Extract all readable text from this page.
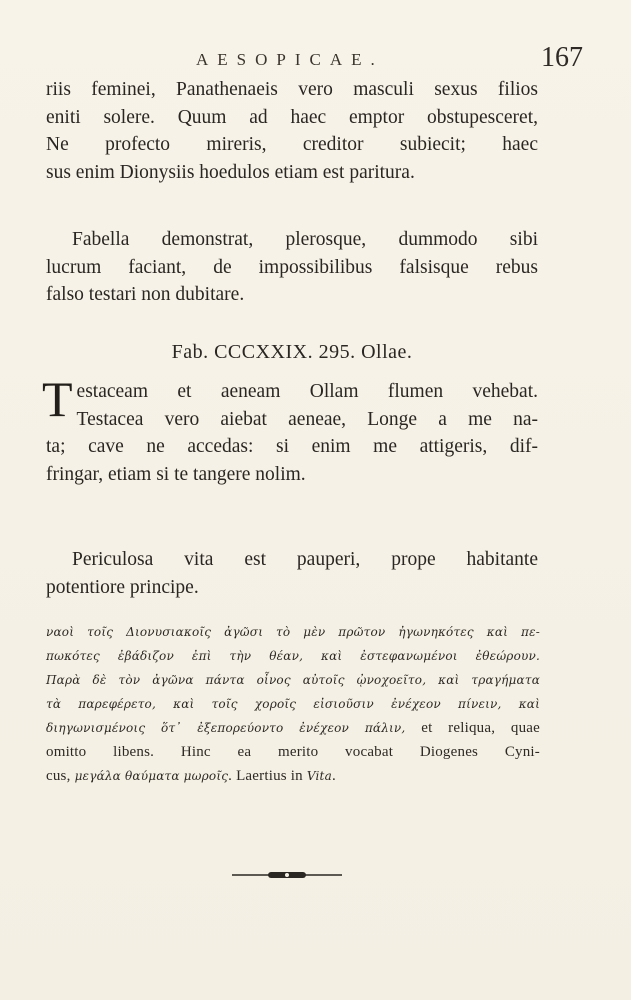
AESOPICAE.	167
riis feminei, Panathenaeis vero masculi sexus filios
eniti solere. Quum ad haec emptor obstupesceret,
Ne profecto mireris, creditor subiecit; haec
sus enim Dionysiis hoedulos etiam est paritura.
Fabella demonstrat, plerosque, dummodo sibi
lucrum faciant, de impossibilibus falsisque rebus
falso testari non dubitare.
Fab. CCCXXIX. 295. Ollae.
T estaceam et aeneam Ollam flumen vehebat.
Testacea vero aiebat aeneae, Longe a me na-
ta; cave ne accedas: si enim me attigeris, dif-
fringar, etiam si te tangere nolim.
Periculosa vita est pauperi, prope habitante
potentiore principe.
ναοὶ τοῖς Διονυσιακοῖς ἀγῶσι τὸ μὲν πρῶτον ἠγωνηκότες καὶ πε-
πωκότες ἐβάδιζον ἐπὶ τὴν θέαν, καὶ ἐστεφανωμένοι ἐθεώρουν.
Παρὰ δὲ τὸν ἀγῶνα πάντα οἶνος αὐτοῖς ᾠνοχοεῖτο, καὶ τραγήματα
τὰ παρεφέρετο, καὶ τοῖς χοροῖς εἰσιοῦσιν ἐνέχεον πίνειν, καὶ
διηγωνισμένοις ὅτ᾽ ἐξεπορεύοντο ἐνέχεον πάλιν, et reliqua, quae
omitto libens. Hinc ea merito vocabat Diogenes Cyni-
cus, μεγάλα θαύματα μωροῖς. Laertius in Vita.
